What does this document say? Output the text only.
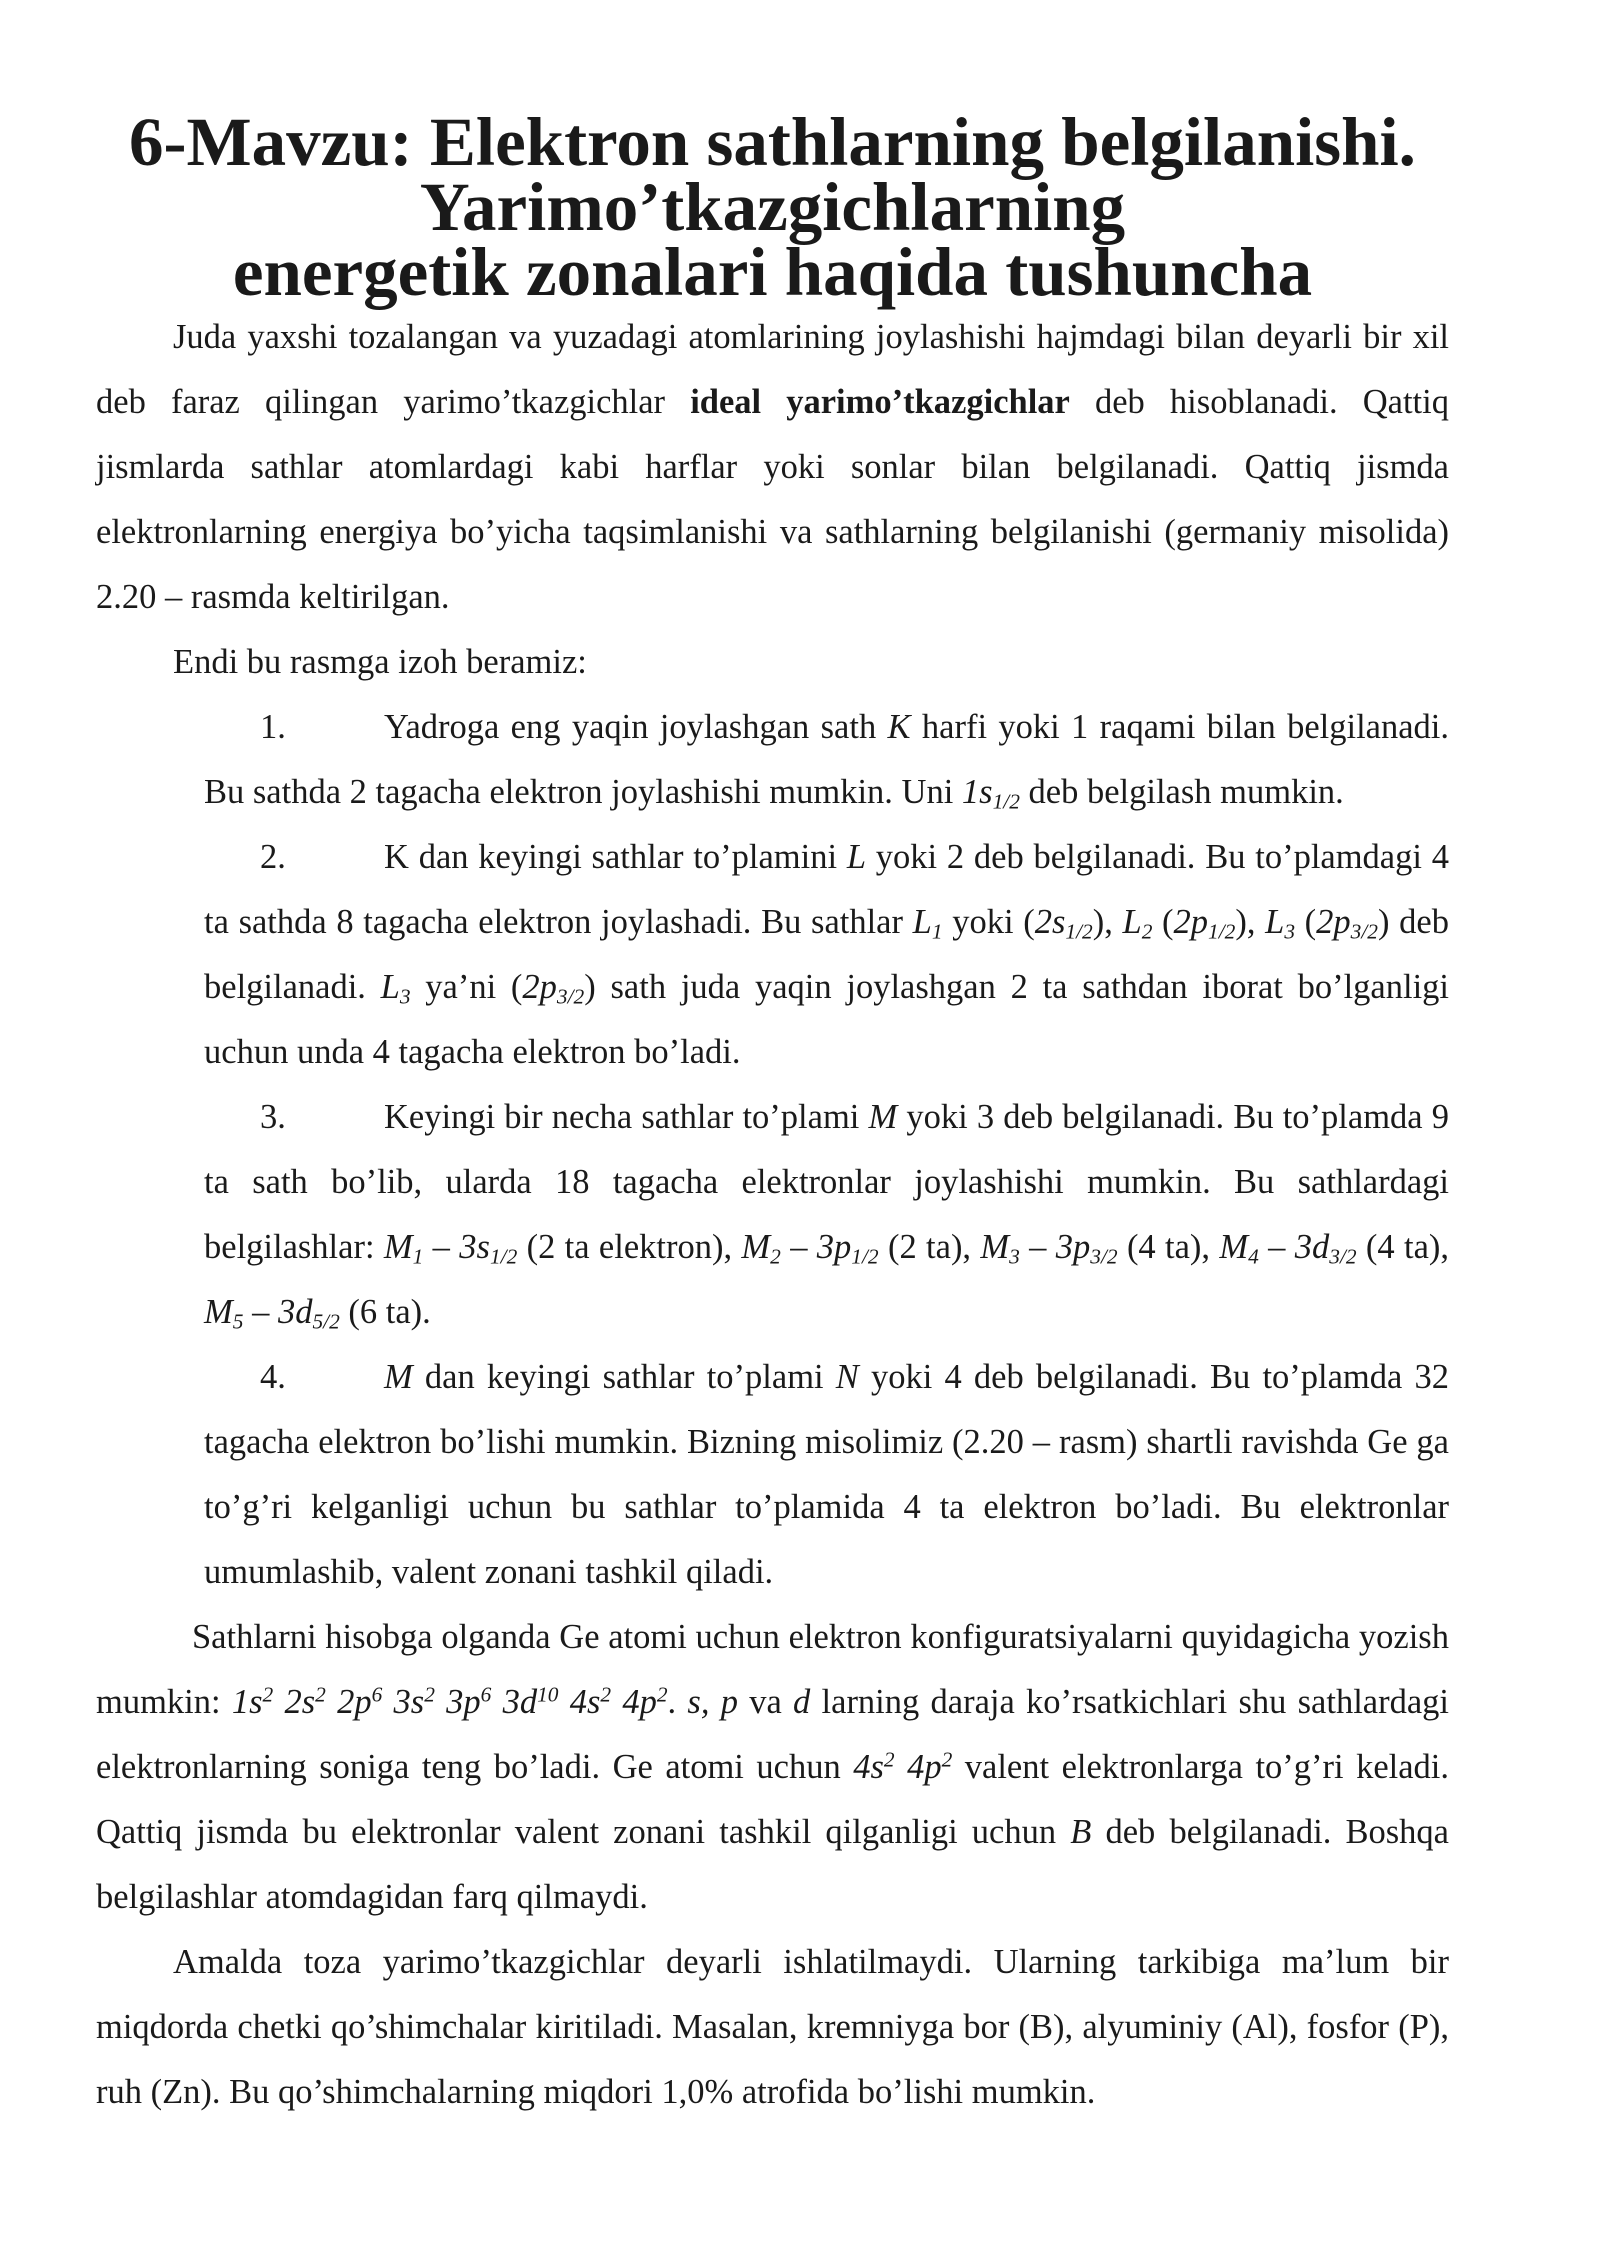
6-Mavzu: Elektron sathlarning belgilanishi. Yarimo’tkazgichlarning
energetik zonalari haqida tushuncha

Juda yaxshi tozalangan va yuzadagi atomlarining joylashishi hajmdagi bilan deyarli bir xil deb faraz qilingan yarimo’tkazgichlar ideal yarimo’tkazgichlar deb hisoblanadi. Qattiq jismlarda sathlar atomlardagi kabi harflar yoki sonlar bilan belgilanadi. Qattiq jismda elektronlarning energiya bo’yicha taqsimlanishi va sathlarning belgilanishi (germaniy misolida) 2.20 – rasmda keltirilgan.

Endi bu rasmga izoh beramiz:

1.	Yadroga eng yaqin joylashgan sath K harfi yoki 1 raqami bilan belgilanadi. Bu sathda 2 tagacha elektron joylashishi mumkin. Uni $1s_{1/2}$ deb belgilash mumkin.
2.	K dan keyingi sathlar to’plamini L yoki 2 deb belgilanadi. Bu to’plamdagi 4 ta sathda 8 tagacha elektron joylashadi. Bu sathlar $L_1$ yoki $(2s_{1/2})$, $L_2$ $(2p_{1/2})$, $L_3$ $(2p_{3/2})$ deb belgilanadi. $L_3$ ya’ni $(2p_{3/2})$ sath juda yaqin joylashgan 2 ta sathdan iborat bo’lganligi uchun unda 4 tagacha elektron bo’ladi.
3.	Keyingi bir necha sathlar to’plami M yoki 3 deb belgilanadi. Bu to’plamda 9 ta sath bo’lib, ularda 18 tagacha elektronlar joylashishi mumkin. Bu sathlardagi belgilashlar: $M_1 - 3s_{1/2}$ (2 ta elektron), $M_2 - 3p_{1/2}$ (2 ta), $M_3 - 3p_{3/2}$ (4 ta), $M_4 - 3d_{3/2}$ (4 ta), $M_5 - 3d_{5/2}$ (6 ta).
4.	M dan keyingi sathlar to’plami N yoki 4 deb belgilanadi. Bu to’plamda 32 tagacha elektron bo’lishi mumkin. Bizning misolimiz (2.20 – rasm) shartli ravishda Ge ga to’g’ri kelganligi uchun bu sathlar to’plamida 4 ta elektron bo’ladi. Bu elektronlar umumlashib, valent zonani tashkil qiladi.

Sathlarni hisobga olganda Ge atomi uchun elektron konfiguratsiyalarni quyidagicha yozish mumkin: $1s^2$ $2s^2$ $2p^6$ $3s^2$ $3p^6$ $3d^{10}$ $4s^2$ $4p^2$. s, p va d larning daraja ko’rsatkichlari shu sathlardagi elektronlarning soniga teng bo’ladi. Ge atomi uchun $4s^2$ $4p^2$ valent elektronlarga to’g’ri keladi. Qattiq jismda bu elektronlar valent zonani tashkil qilganligi uchun B deb belgilanadi. Boshqa belgilashlar atomdagidan farq qilmaydi.

Amalda toza yarimo’tkazgichlar deyarli ishlatilmaydi. Ularning tarkibiga ma’lum bir miqdorda chetki qo’shimchalar kiritiladi. Masalan, kremniyga bor (B), alyuminiy (Al), fosfor (P), ruh (Zn). Bu qo’shimchalarning miqdori 1,0% atrofida bo’lishi mumkin.
